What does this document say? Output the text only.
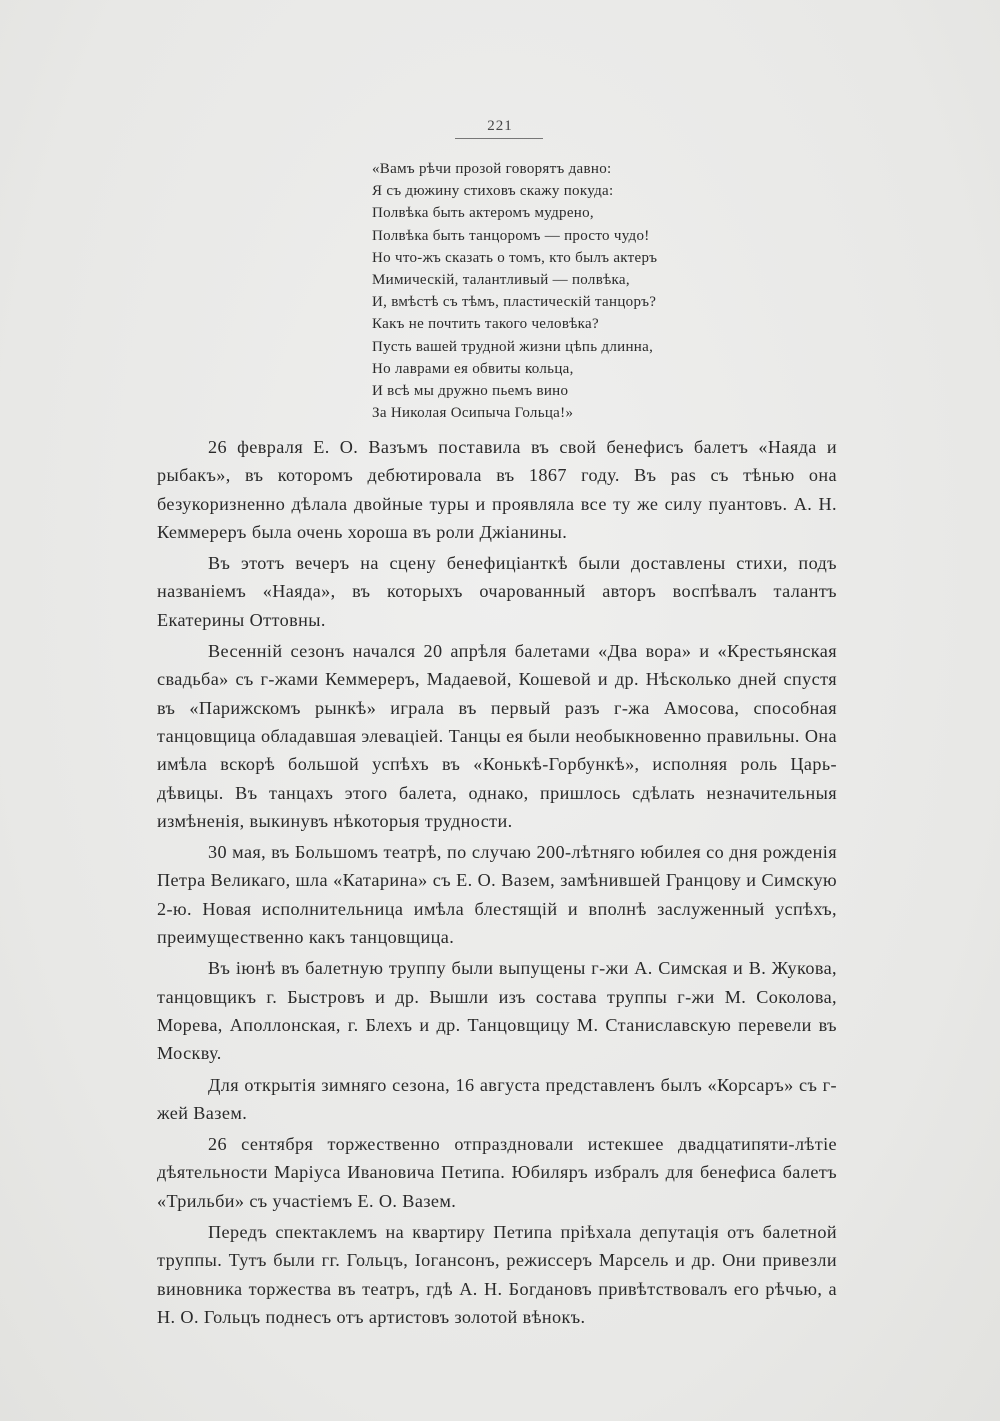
221
«Вамъ рѣчи прозой говорятъ давно:
Я съ дюжину стиховъ скажу покуда:
Полвѣка быть актеромъ мудрено,
Полвѣка быть танцоромъ — просто чудо!
Но что-жъ сказать о томъ, кто былъ актеръ
Мимическій, талантливый — полвѣка,
И, вмѣстѣ съ тѣмъ, пластическій танцоръ?
Какъ не почтить такого человѣка?
Пусть вашей трудной жизни цѣпь длинна,
Но лаврами ея обвиты кольца,
И всѣ мы дружно пьемъ вино
За Николая Осипыча Гольца!»

26 февраля Е. О. Вазъмъ поставила въ свой бенефисъ балетъ «Наяда и рыбакъ», въ которомъ дебютировала въ 1867 году. Въ pas съ тѣнью она безукоризненно дѣлала двойные туры и проявляла все ту же силу пуантовъ. А. Н. Кеммереръ была очень хороша въ роли Джіанины.

Въ этотъ вечеръ на сцену бенефиціанткѣ были доставлены стихи, подъ названіемъ «Наяда», въ которыхъ очарованный авторъ воспѣвалъ талантъ Екатерины Оттовны.

Весенній сезонъ начался 20 апрѣля балетами «Два вора» и «Крестьянская свадьба» съ г-жами Кеммереръ, Мадаевой, Кошевой и др. Нѣсколько дней спустя въ «Парижскомъ рынкѣ» играла въ первый разъ г-жа Амосова, способная танцовщица обладавшая элевацiей. Танцы ея были необыкновенно правильны. Она имѣла вскорѣ большой успѣхъ въ «Конькѣ-Горбункѣ», исполняя роль Царь-дѣвицы. Въ танцахъ этого балета, однако, пришлось сдѣлать незначительныя измѣненія, выкинувъ нѣкоторыя трудности.

30 мая, въ Большомъ театрѣ, по случаю 200-лѣтняго юбилея со дня рожденія Петра Великаго, шла «Катарина» съ Е. О. Вазем, замѣнившей Гранцову и Симскую 2-ю. Новая исполнительница имѣла блестящій и вполнѣ заслуженный успѣхъ, преимущественно какъ танцовщица.

Въ іюнѣ въ балетную труппу были выпущены г-жи А. Симская и В. Жукова, танцовщикъ г. Быстровъ и др. Вышли изъ состава труппы г-жи М. Соколова, Морева, Аполлонская, г. Блехъ и др. Танцовщицу М. Станиславскую перевели въ Москву.

Для открытія зимняго сезона, 16 августа представленъ былъ «Корсаръ» съ г-жей Вазем.

26 сентября торжественно отпраздновали истекшее двадцатипяти-лѣтіе дѣятельности Маріуса Ивановича Петипа. Юбиляръ избралъ для бенефиса балетъ «Трильби» съ участіемъ Е. О. Вазем.

Передъ спектаклемъ на квартиру Петипа пріѣхала депутація отъ балетной труппы. Тутъ были гг. Гольцъ, Іогансонъ, режиссеръ Марсель и др. Они привезли виновника торжества въ театръ, гдѣ А. Н. Богдановъ привѣтствовалъ его рѣчью, а Н. О. Гольцъ поднесъ отъ артистовъ золотой вѣнокъ.
